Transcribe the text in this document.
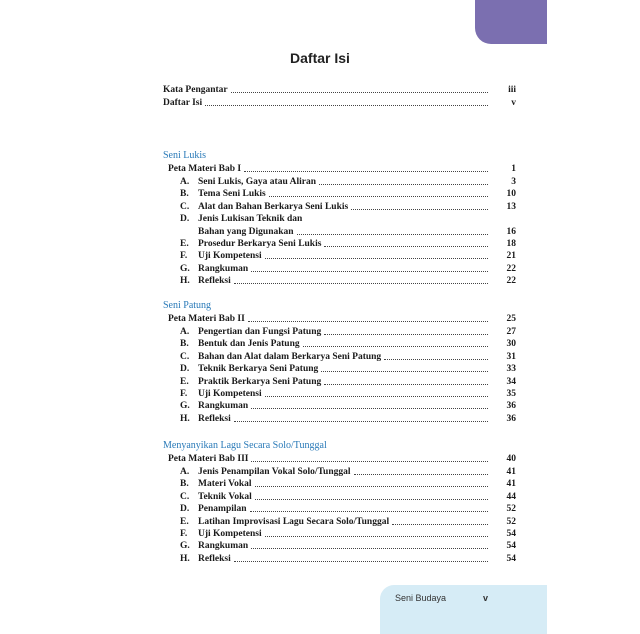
Seni Budaya	v
Daftar Isi
Kata Pengantar	iii
Daftar Isi	v
Seni Lukis
Peta Materi Bab I	1
A. Seni Lukis, Gaya atau Aliran	3
B. Tema Seni Lukis	10
C. Alat dan Bahan Berkarya Seni Lukis	13
D. Jenis Lukisan Teknik dan
Bahan yang Digunakan	16
E. Prosedur Berkarya Seni Lukis	18
F.	Uji Kompetensi	21
G. Rangkuman	22
H. Refleksi	22
Seni Patung
Peta Materi Bab II	25
A. Pengertian dan Fungsi Patung	27
B. Bentuk dan Jenis Patung	30
C. Bahan dan Alat dalam Berkarya Seni Patung	31
D. Teknik Berkarya Seni Patung	33
E. Praktik Berkarya Seni Patung	34
F.	Uji Kompetensi	35
G. Rangkuman	36
H. Refleksi	36
Menyanyikan Lagu Secara Solo/Tunggal
Peta Materi Bab III	40
A. Jenis Penampilan Vokal Solo/Tunggal	41
B. Materi Vokal	41
C. Teknik Vokal	44
D. Penampilan	52
E. Latihan Improvisasi Lagu Secara Solo/Tunggal	52
F.	Uji Kompetensi	54
G. Rangkuman	54
H. Refleksi	54
